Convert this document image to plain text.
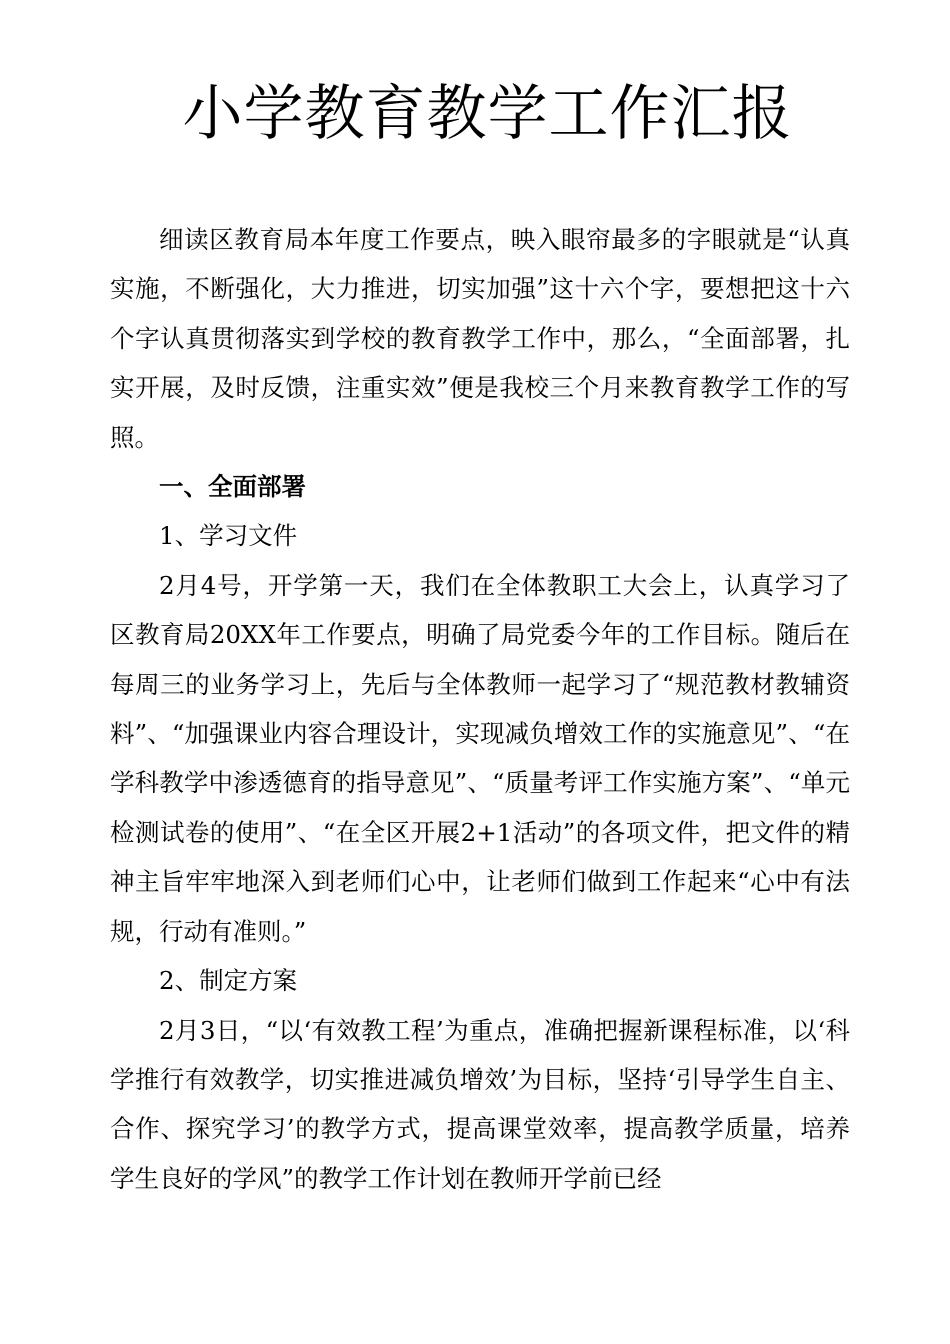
小学教育教学工作汇报

细读区教育局本年度工作要点，映入眼帘最多的字眼就是“认真实施，不断强化，大力推进，切实加强”这十六个字，要想把这十六个字认真贯彻落实到学校的教育教学工作中，那么，“全面部署，扎实开展，及时反馈，注重实效”便是我校三个月来教育教学工作的写照。

一、全面部署

1、学习文件

2月4号，开学第一天，我们在全体教职工大会上，认真学习了区教育局20XX年工作要点，明确了局党委今年的工作目标。随后在每周三的业务学习上，先后与全体教师一起学习了“规范教材教辅资料”、“加强课业内容合理设计，实现减负增效工作的实施意见”、“在学科教学中渗透德育的指导意见”、“质量考评工作实施方案”、“单元检测试卷的使用”、“在全区开展2+1活动”的各项文件，把文件的精神主旨牢牢地深入到老师们心中，让老师们做到工作起来“心中有法规，行动有准则。”

2、制定方案

2月3日，“以‘有效教工程’为重点，准确把握新课程标准，以‘科学推行有效教学，切实推进减负增效’为目标，坚持‘引导学生自主、合作、探究学习’的教学方式，提高课堂效率，提高教学质量，培养学生良好的学风”的教学工作计划在教师开学前已经
